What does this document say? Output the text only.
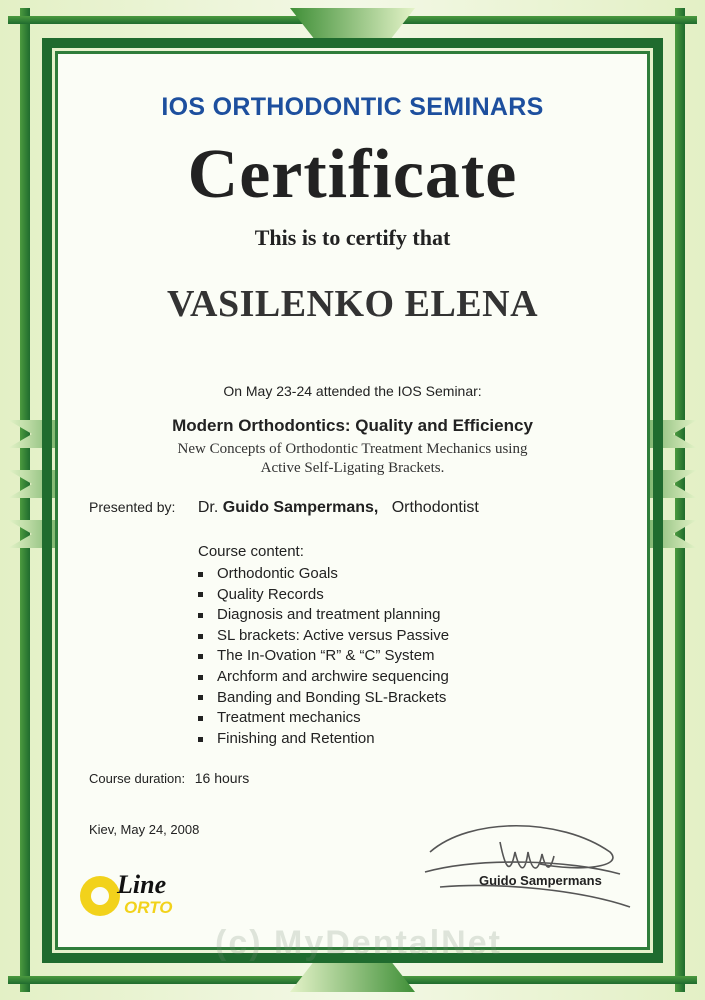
IOS ORTHODONTIC SEMINARS
Certificate
This is to certify that
VASILENKO ELENA
On May 23-24 attended the IOS Seminar:
Modern Orthodontics: Quality and Efficiency
New Concepts of Orthodontic Treatment Mechanics using
Active Self-Ligating Brackets.
Presented by: Dr. Guido Sampermans, Orthodontist
Course content:
Orthodontic Goals
Quality Records
Diagnosis and treatment planning
SL brackets: Active versus Passive
The In-Ovation “R” & “C” System
Archform and archwire sequencing
Banding and Bonding SL-Brackets
Treatment mechanics
Finishing and Retention
Course duration: 16 hours
Kiev, May 24, 2008
Guido Sampermans
Line
ORTO
(c) MyDentalNet
